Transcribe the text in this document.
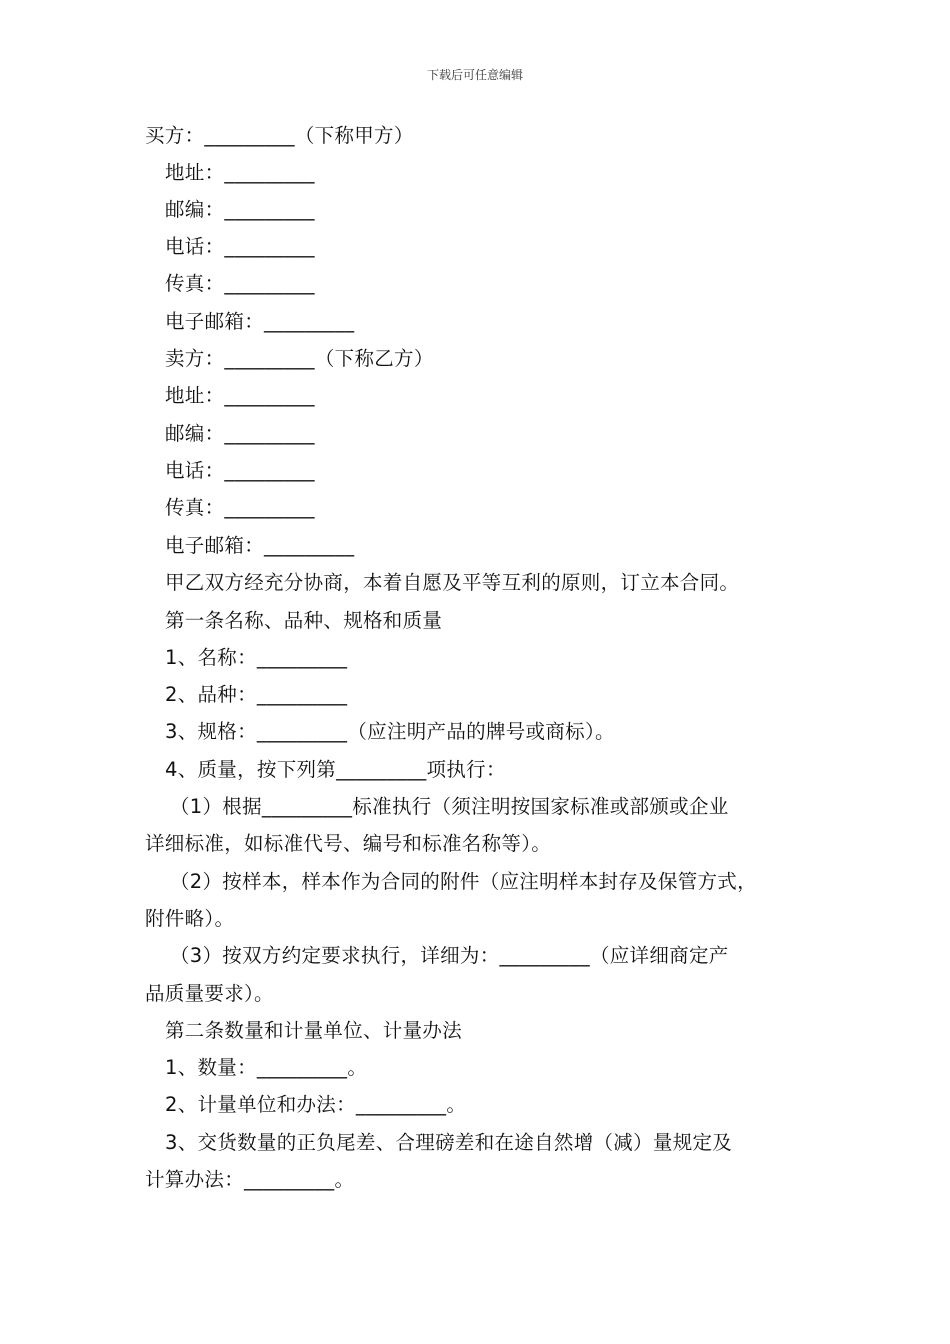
下载后可任意编辑
买方：_________（下称甲方）
地址：_________
邮编：_________
电话：_________
传真：_________
电子邮箱：_________
卖方：_________（下称乙方）
地址：_________
邮编：_________
电话：_________
传真：_________
电子邮箱：_________
甲乙双方经充分协商，本着自愿及平等互利的原则，订立本合同。
第一条名称、品种、规格和质量
1、名称：_________
2、品种：_________
3、规格：_________（应注明产品的牌号或商标）。
4、质量，按下列第_________项执行：
（1）根据_________标准执行（须注明按国家标准或部颁或企业
详细标准，如标准代号、编号和标准名称等）。
（2）按样本，样本作为合同的附件（应注明样本封存及保管方式，
附件略）。
（3）按双方约定要求执行，详细为：_________（应详细商定产
品质量要求）。
第二条数量和计量单位、计量办法
1、数量：_________。
2、计量单位和办法：_________。
3、交货数量的正负尾差、合理磅差和在途自然增（减）量规定及
计算办法：_________。
